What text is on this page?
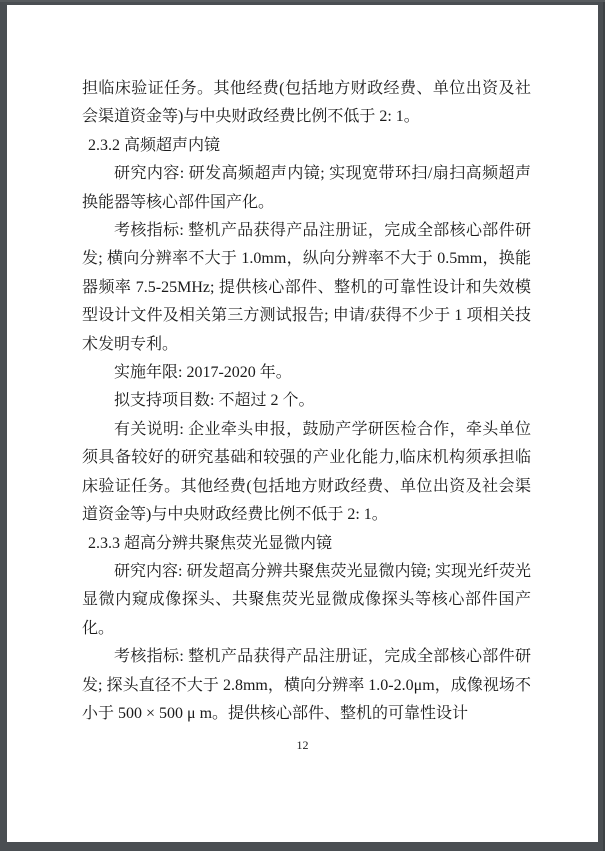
担临床验证任务。其他经费(包括地方财政经费、单位出资及社会渠道资金等)与中央财政经费比例不低于 2: 1。

2.3.2 高频超声内镜

研究内容: 研发高频超声内镜; 实现宽带环扫/扇扫高频超声换能器等核心部件国产化。

考核指标: 整机产品获得产品注册证，完成全部核心部件研发; 横向分辨率不大于 1.0mm，纵向分辨率不大于 0.5mm，换能器频率 7.5-25MHz; 提供核心部件、整机的可靠性设计和失效模型设计文件及相关第三方测试报告; 申请/获得不少于 1 项相关技术发明专利。

实施年限: 2017-2020 年。

拟支持项目数: 不超过 2 个。

有关说明: 企业牵头申报，鼓励产学研医检合作，牵头单位须具备较好的研究基础和较强的产业化能力,临床机构须承担临床验证任务。其他经费(包括地方财政经费、单位出资及社会渠道资金等)与中央财政经费比例不低于 2: 1。

2.3.3 超高分辨共聚焦荧光显微内镜

研究内容: 研发超高分辨共聚焦荧光显微内镜; 实现光纤荧光显微内窥成像探头、共聚焦荧光显微成像探头等核心部件国产化。

考核指标: 整机产品获得产品注册证，完成全部核心部件研发; 探头直径不大于 2.8mm，横向分辨率 1.0-2.0μm，成像视场不小于 500 × 500 μ m。提供核心部件、整机的可靠性设计

12
